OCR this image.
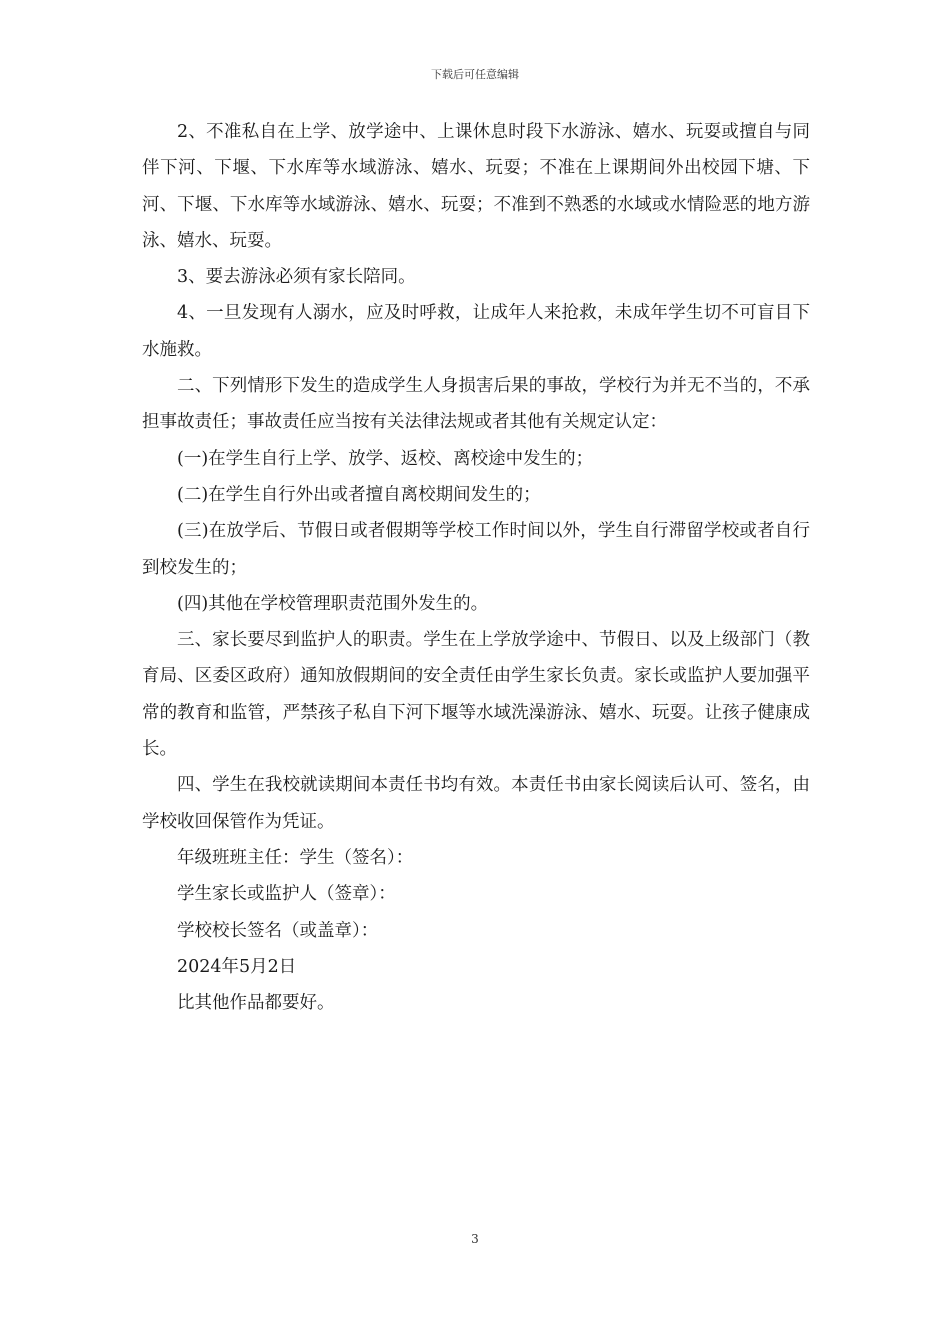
下载后可任意编辑

2、不准私自在上学、放学途中、上课休息时段下水游泳、嬉水、玩耍或擅自与同伴下河、下堰、下水库等水域游泳、嬉水、玩耍；不准在上课期间外出校园下塘、下河、下堰、下水库等水域游泳、嬉水、玩耍；不准到不熟悉的水域或水情险恶的地方游泳、嬉水、玩耍。

3、要去游泳必须有家长陪同。

4、一旦发现有人溺水，应及时呼救，让成年人来抢救，未成年学生切不可盲目下水施救。

二、下列情形下发生的造成学生人身损害后果的事故，学校行为并无不当的，不承担事故责任；事故责任应当按有关法律法规或者其他有关规定认定：

(一)在学生自行上学、放学、返校、离校途中发生的；

(二)在学生自行外出或者擅自离校期间发生的；

(三)在放学后、节假日或者假期等学校工作时间以外，学生自行滞留学校或者自行到校发生的；

(四)其他在学校管理职责范围外发生的。

三、家长要尽到监护人的职责。学生在上学放学途中、节假日、以及上级部门（教育局、区委区政府）通知放假期间的安全责任由学生家长负责。家长或监护人要加强平常的教育和监管，严禁孩子私自下河下堰等水域洗澡游泳、嬉水、玩耍。让孩子健康成长。

四、学生在我校就读期间本责任书均有效。本责任书由家长阅读后认可、签名，由学校收回保管作为凭证。

年级班班主任：学生（签名）：

学生家长或监护人（签章）：

学校校长签名（或盖章）：

2024年5月2日

比其他作品都要好。

3
